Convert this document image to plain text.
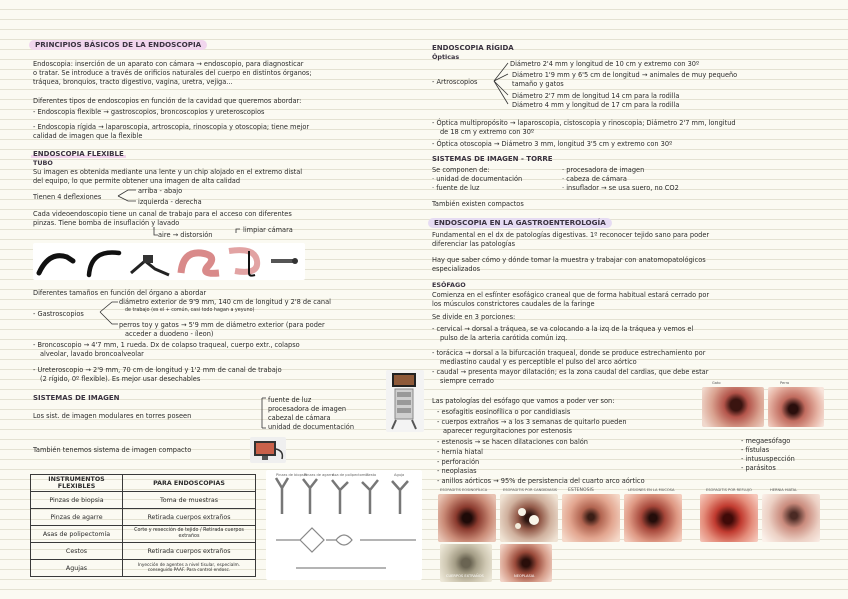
PRINCIPIOS BÁSICOS DE LA ENDOSCOPIA
Endoscopia: inserción de un aparato con cámara → endoscopio, para diagnosticar
o tratar. Se introduce a través de orificios naturales del cuerpo en distintos órganos;
tráquea, bronquios, tracto digestivo, vagina, uretra, vejiga...
Diferentes tipos de endoscopios en función de la cavidad que queremos abordar:
- Endoscopia flexible → gastroscopios, broncoscopios y ureteroscopios
- Endoscopia rígida → laparoscopia, artroscopia, rinoscopia y otoscopia; tiene mejor
calidad de imagen que la flexible
ENDOSCOPIA FLEXIBLE
TUBO
Su imagen es obtenida mediante una lente y un chip alojado en el extremo distal
del equipo, lo que permite obtener una imagen de alta calidad
Tienen 4 deflexiones
arriba - abajo
izquierda - derecha
Cada videoendoscopio tiene un canal de trabajo para el acceso con diferentes
pinzas. Tiene bomba de insuflación y lavado
aire → distorsión
limpiar cámara
Diferentes tamaños en función del órgano a abordar
- Gastroscopios
diámetro exterior de 9'9 mm, 140 cm de longitud y 2'8 de canal
de trabajo (es el + común, casi todo hagan a yeyuno)
perros toy y gatos → 5'9 mm de diámetro exterior (para poder
acceder a duodeno - íleon)
- Broncoscopio → 4'7 mm, 1 rueda. Dx de colapso traqueal, cuerpo extr., colapso
alveolar, lavado broncoalveolar
- Ureteroscopio → 2'9 mm, 70 cm de longitud y 1'2 mm de canal de trabajo
(2 rígido, 0º flexible). Es mejor usar desechables
SISTEMAS DE IMAGEN
Los sist. de imagen modulares en torres poseen
fuente de luz
procesadora de imagen
cabezal de cámara
unidad de documentación
También tenemos sistema de imagen compacto
INSTRUMENTOS FLEXIBLES	PARA ENDOSCOPIAS
Pinzas de biopsia	Toma de muestras
Pinzas de agarre	Retirada cuerpos extraños
Asas de polipectomía	Corte y resección de tejido / Retirada cuerpos extraños
Cestos	Retirada cuerpos extraños
Agujas	Inyección de agentes a nivel tisular, especialm. conseguido PAAF. Para control endosc.
Pinzas de biopsia
Pinzas de agarre
Asa de polipectomía
Cesto	Aguja
ENDOSCOPIA RÍGIDA
Ópticas
- Artroscopios
Diámetro 2'4 mm y longitud de 10 cm y extremo con 30º
Diámetro 1'9 mm y 6'5 cm de longitud → animales de muy pequeño
tamaño y gatos
Diámetro 2'7 mm de longitud 14 cm para la rodilla
Diámetro 4 mm y longitud de 17 cm para la rodilla
- Óptica multipropósito → laparoscopia, cistoscopia y rinoscopia; Diámetro 2'7 mm, longitud
de 18 cm y extremo con 30º
- Óptica otoscopia → Diámetro 3 mm, longitud 3'5 cm y extremo con 30º
SISTEMAS DE IMAGEN - TORRE
Se componen de:
· unidad de documentación
· fuente de luz
· procesadora de imagen
· cabeza de cámara
· insuflador → se usa suero, no CO2
También existen compactos
ENDOSCOPIA EN LA GASTROENTEROLOGÍA
Fundamental en el dx de patologías digestivas. 1º reconocer tejido sano para poder
diferenciar las patologías
Hay que saber cómo y dónde tomar la muestra y trabajar con anatomopatológicos
especializados
ESÓFAGO
Comienza en el esfínter esofágico craneal que de forma habitual estará cerrado por
los músculos constrictores caudales de la faringe
Se divide en 3 porciones:
- cervical → dorsal a tráquea, se va colocando a la izq de la tráquea y vemos el
pulso de la arteria carótida común izq.
- torácica → dorsal a la bifurcación traqueal, donde se produce estrechamiento por
mediastino caudal y es perceptible el pulso del arco aórtico
- caudal → presenta mayor dilatación; es la zona caudal del cardias, que debe estar
siempre cerrado
Las patologías del esófago que vamos a poder ver son:
- esofagitis eosinofílica o por candidiasis
- cuerpos extraños → a los 3 semanas de quitarlo pueden
aparecer regurgitaciones por estenosis
- estenosis → se hacen dilataciones con balón
- hernia hiatal
- perforación
- neoplasias
- anillos aórticos → 95% de persistencia del cuarto arco aórtico
- megaesófago
- fístulas
- intususpección
- parásitos
Gato	Perro
ESOFAGITIS EOSINOFÍLICA	ESOFAGITIS POR CANDIDIASIS ESTENOSIS	LESIONES EN LA MUCOSA	ESOFAGITIS POR REFLUJO	HERNIA HIATAL
CUERPOS EXTRAÑOS	NEOPLASIA
